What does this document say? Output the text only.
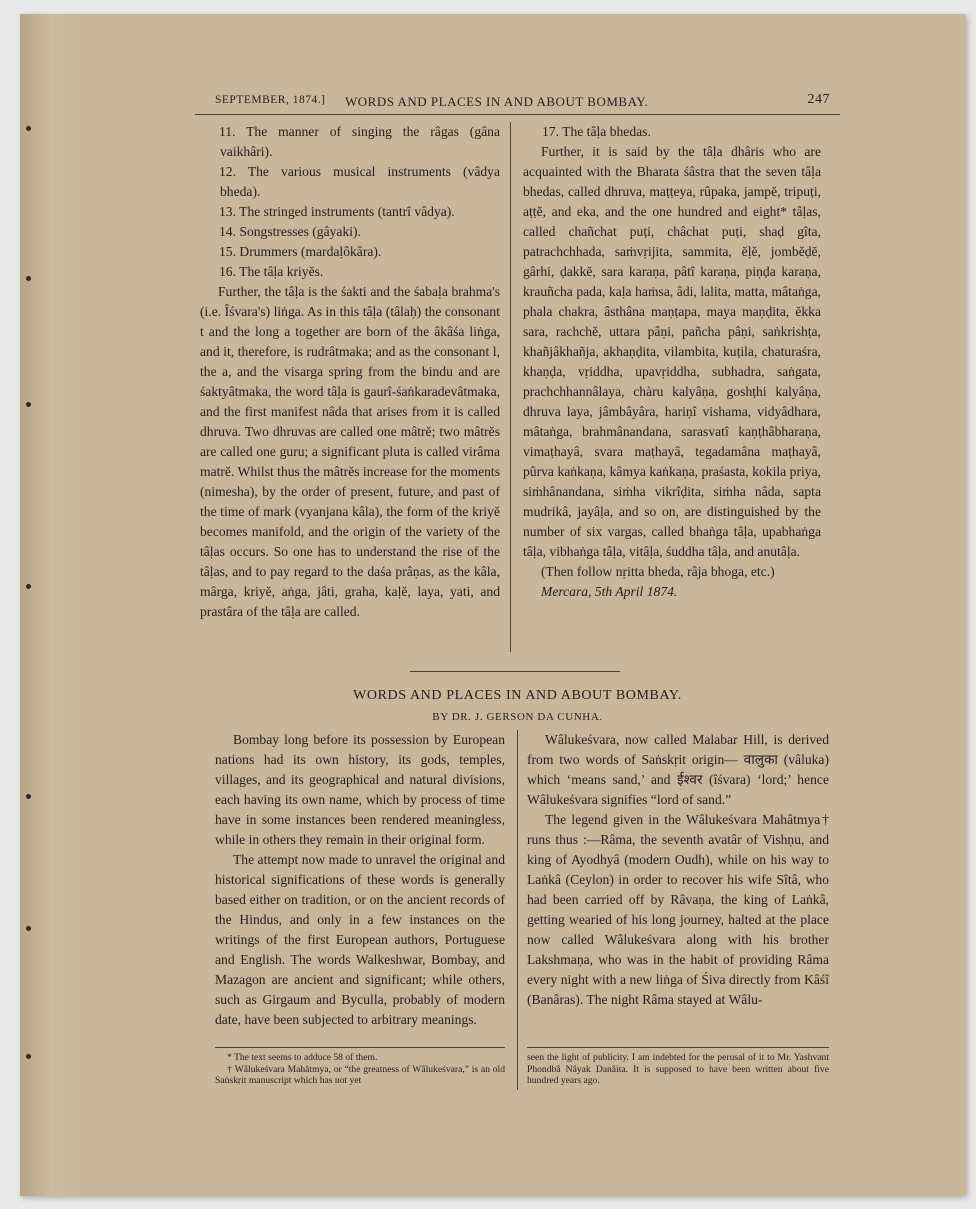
SEPTEMBER, 1874.] WORDS AND PLACES IN AND ABOUT BOMBAY.	247

11. The manner of singing the râgas (gâna vaikhâri).

12. The various musical instruments (vâdya bheda).

13. The stringed instruments (tantrî vâdya).

14. Songstresses (gâyaki).

15. Drummers (mardaḷôkâra).

16. The tâḷa kriyĕs.

Further, the tâḷa is the śakti and the śabaḷa brahma's (i.e. Îśvara's) liṅga. As in this tâḷa (tâlaḥ) the consonant t and the long a together are born of the âkâśa liṅga, and it, therefore, is rudrâtmaka; and as the consonant l, the a, and the visarga spring from the bindu and are śaktyâtmaka, the word tâḷa is gaurî-śaṅkaradevâtmaka, and the first manifest nâda that arises from it is called dhruva. Two dhruvas are called one mâtrĕ; two mâtrĕs are called one guru; a significant pluta is called virâma matrĕ. Whilst thus the mâtrĕs increase for the moments (nimesha), by the order of present, future, and past of the time of mark (vyanjana kâla), the form of the kriyĕ becomes manifold, and the origin of the variety of the tâḷas occurs. So one has to understand the rise of the tâḷas, and to pay regard to the daśa prâṇas, as the kâla, mârga, kriyĕ, aṅga, jâti, graha, kaḷĕ, laya, yati, and prastâra of the tâḷa are called.

17. The tâḷa bhedas.

Further, it is said by the tâḷa dhâris who are acquainted with the Bharata śâstra that the seven tâḷa bhedas, called dhruva, maṭṭeya, rûpaka, jampĕ, tripuṭi, aṭṭĕ, and eka, and the one hundred and eight* tâḷas, called chañchat puṭi, châchat puṭi, shaḍ gîta, patrachchhada, saṁvṛijita, sammita, ĕḷĕ, jombĕḍĕ, gârhi, ḍakkĕ, sara karaṇa, pâtî karaṇa, piṇḍa karaṇa, krauñcha pada, kaḷa haṁsa, âdi, lalita, matta, mâtaṅga, phala chakra, âsthâna maṇṭapa, maya maṇḍita, ĕkka sara, rachchĕ, uttara pâṇi, pañcha pâṇi, saṅkrishṭa, khañjâkhañja, akhaṇḍita, vilambita, kuṭila, chaturaśra, khaṇḍa, vṛiddha, upavṛiddha, subhadra, saṅgata, prachchhannâlaya, chàru kalyâṇa, goshṭhi kalyâṇa, dhruva laya, jâmbâyâra, hariṇî vishama, vidyâdhara, mâtaṅga, brahmânandana, sarasvatî kaṇṭhâbharaṇa, vimaṭhayâ, svara maṭhayâ, tegadamâna maṭhayâ, pûrva kaṅkaṇa, kâmya kaṅkaṇa, praśasta, kokila priya, siṁhânandana, siṁha vikrîḍita, siṁha nâda, sapta mudrikâ, jayâḷa, and so on, are distinguished by the number of six vargas, called bhaṅga tâḷa, upabhaṅga tâḷa, vibhaṅga tâḷa, vitâḷa, śuddha tâḷa, and anutâḷa.

(Then follow nṛitta bheda, râja bhoga, etc.)

Mercara, 5th April 1874.

WORDS AND PLACES IN AND ABOUT BOMBAY.
BY DR. J. GERSON DA CUNHA.

Bombay long before its possession by European nations had its own history, its gods, temples, villages, and its geographical and natural divisions, each having its own name, which by process of time have in some instances been rendered meaningless, while in others they remain in their original form.

The attempt now made to unravel the original and historical significations of these words is generally based either on tradition, or on the ancient records of the Hindus, and only in a few instances on the writings of the first European authors, Portuguese and English. The words Walkeshwar, Bombay, and Mazagon are ancient and significant; while others, such as Girgaum and Byculla, probably of modern date, have been subjected to arbitrary meanings.

Wâlukeśvara, now called Malabar Hill, is derived from two words of Saṅskṛit origin— वालुका (vâluka) which ‘means sand,’ and ईश्वर (îśvara) ‘lord;’ hence Wâlukeśvara signifies “lord of sand.”

The legend given in the Wâlukeśvara Mahâtmya† runs thus :—Râma, the seventh avatâr of Vishṇu, and king of Ayodhyâ (modern Oudh), while on his way to Laṅkâ (Ceylon) in order to recover his wife Sîtâ, who had been carried off by Râvaṇa, the king of Laṅkâ, getting wearied of his long journey, halted at the place now called Wâlukeśvara along with his brother Lakshmaṇa, who was in the habit of providing Râma every night with a new liṅga of Śiva directly from Kâśî (Banâras). The night Râma stayed at Wâlu-

* The text seems to adduce 58 of them.

† Wâlukeśvara Mahâtmya, or “the greatness of Wâlukeśvara,” is an old Saṅskṛit manuscript which has not yet

seen the light of publicity. I am indebted for the perusal of it to Mr. Yashvant Phondbâ Nâyak Danâita. It is supposed to have been written about five hundred years ago.
